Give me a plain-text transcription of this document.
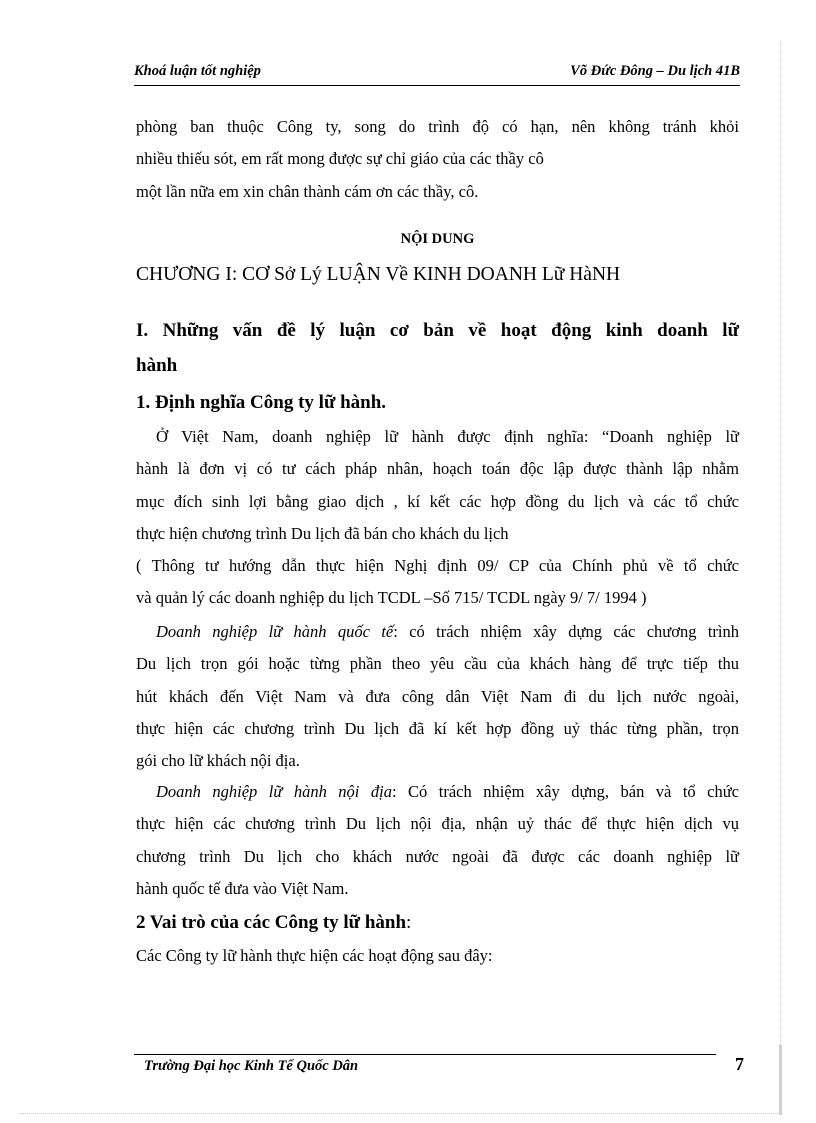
Khoá luận tốt nghiệp	Võ Đức Đông – Du lịch 41B
phòng ban thuộc Công ty, song do trình độ có hạn, nên không tránh khỏi
nhiều thiếu sót, em rất mong được sự chỉ giáo của các thầy cô
một lần nữa em xin chân thành cám ơn các thầy, cô.
NỘI DUNG
CHƯƠNG I: CƠ Sở Lý LUẬN Về KINH DOANH Lữ HàNH
I. Những vấn đề lý luận cơ bản về hoạt động kinh doanh lữ
hành
1. Định nghĩa Công ty lữ hành.
Ở Việt Nam, doanh nghiệp lữ hành được định nghĩa: “Doanh nghiệp lữ
hành là đơn vị có tư cách pháp nhân, hoạch toán độc lập được thành lập nhằm
mục đích sinh lợi bằng giao dịch , kí kết các hợp đồng du lịch và các tổ chức
thực hiện chương trình Du lịch đã bán cho khách du lịch
( Thông tư hướng dẫn thực hiện Nghị định 09/ CP của Chính phủ về tổ chức
và quản lý các doanh nghiệp du lịch TCDL –Số 715/ TCDL ngày 9/ 7/ 1994 )
Doanh nghiệp lữ hành quốc tế: có trách nhiệm xây dựng các chương trình
Du lịch trọn gói hoặc từng phần theo yêu cầu của khách hàng để trực tiếp thu
hút khách đến Việt Nam và đưa công dân Việt Nam đi du lịch nước ngoài,
thực hiện các chương trình Du lịch đã kí kết hợp đồng uỷ thác từng phần, trọn
gói cho lữ khách nội địa.
Doanh nghiệp lữ hành nội địa: Có trách nhiệm xây dựng, bán và tổ chức
thực hiện các chương trình Du lịch nội địa, nhận uỷ thác để thực hiện dịch vụ
chương trình Du lịch cho khách nước ngoài đã được các doanh nghiệp lữ
hành quốc tế đưa vào Việt Nam.
2 Vai trò của các Công ty lữ hành:
Các Công ty lữ hành thực hiện các hoạt động sau đây:
Trường Đại học Kinh Tế Quốc Dân	7
